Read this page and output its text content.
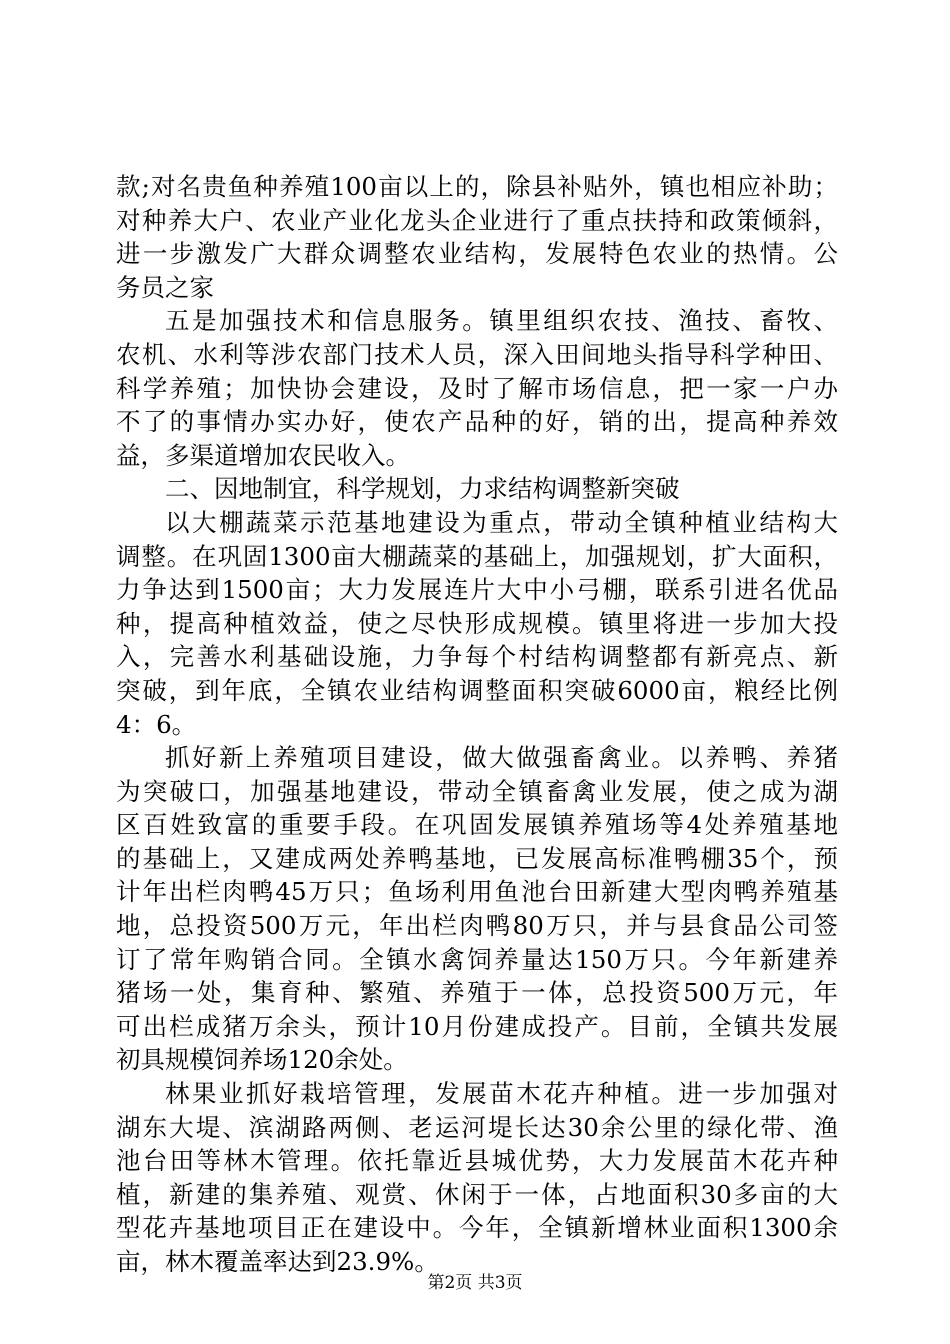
款;对名贵鱼种养殖100亩以上的，除县补贴外，镇也相应补助；
对种养大户、农业产业化龙头企业进行了重点扶持和政策倾斜，
进一步激发广大群众调整农业结构，发展特色农业的热情。公
务员之家
五是加强技术和信息服务。镇里组织农技、渔技、畜牧、
农机、水利等涉农部门技术人员，深入田间地头指导科学种田、
科学养殖；加快协会建设，及时了解市场信息，把一家一户办
不了的事情办实办好，使农产品种的好，销的出，提高种养效
益，多渠道增加农民收入。
二、因地制宜，科学规划，力求结构调整新突破
以大棚蔬菜示范基地建设为重点，带动全镇种植业结构大
调整。在巩固1300亩大棚蔬菜的基础上，加强规划，扩大面积，
力争达到1500亩；大力发展连片大中小弓棚，联系引进名优品
种，提高种植效益，使之尽快形成规模。镇里将进一步加大投
入，完善水利基础设施，力争每个村结构调整都有新亮点、新
突破，到年底，全镇农业结构调整面积突破6000亩，粮经比例
4：6。
抓好新上养殖项目建设，做大做强畜禽业。以养鸭、养猪
为突破口，加强基地建设，带动全镇畜禽业发展，使之成为湖
区百姓致富的重要手段。在巩固发展镇养殖场等4处养殖基地
的基础上，又建成两处养鸭基地，已发展高标准鸭棚35个，预
计年出栏肉鸭45万只；鱼场利用鱼池台田新建大型肉鸭养殖基
地，总投资500万元，年出栏肉鸭80万只，并与县食品公司签
订了常年购销合同。全镇水禽饲养量达150万只。今年新建养
猪场一处，集育种、繁殖、养殖于一体，总投资500万元，年
可出栏成猪万余头，预计10月份建成投产。目前，全镇共发展
初具规模饲养场120余处。
林果业抓好栽培管理，发展苗木花卉种植。进一步加强对
湖东大堤、滨湖路两侧、老运河堤长达30余公里的绿化带、渔
池台田等林木管理。依托靠近县城优势，大力发展苗木花卉种
植，新建的集养殖、观赏、休闲于一体，占地面积30多亩的大
型花卉基地项目正在建设中。今年，全镇新增林业面积1300余
亩，林木覆盖率达到23.9%。
第2页 共3页
